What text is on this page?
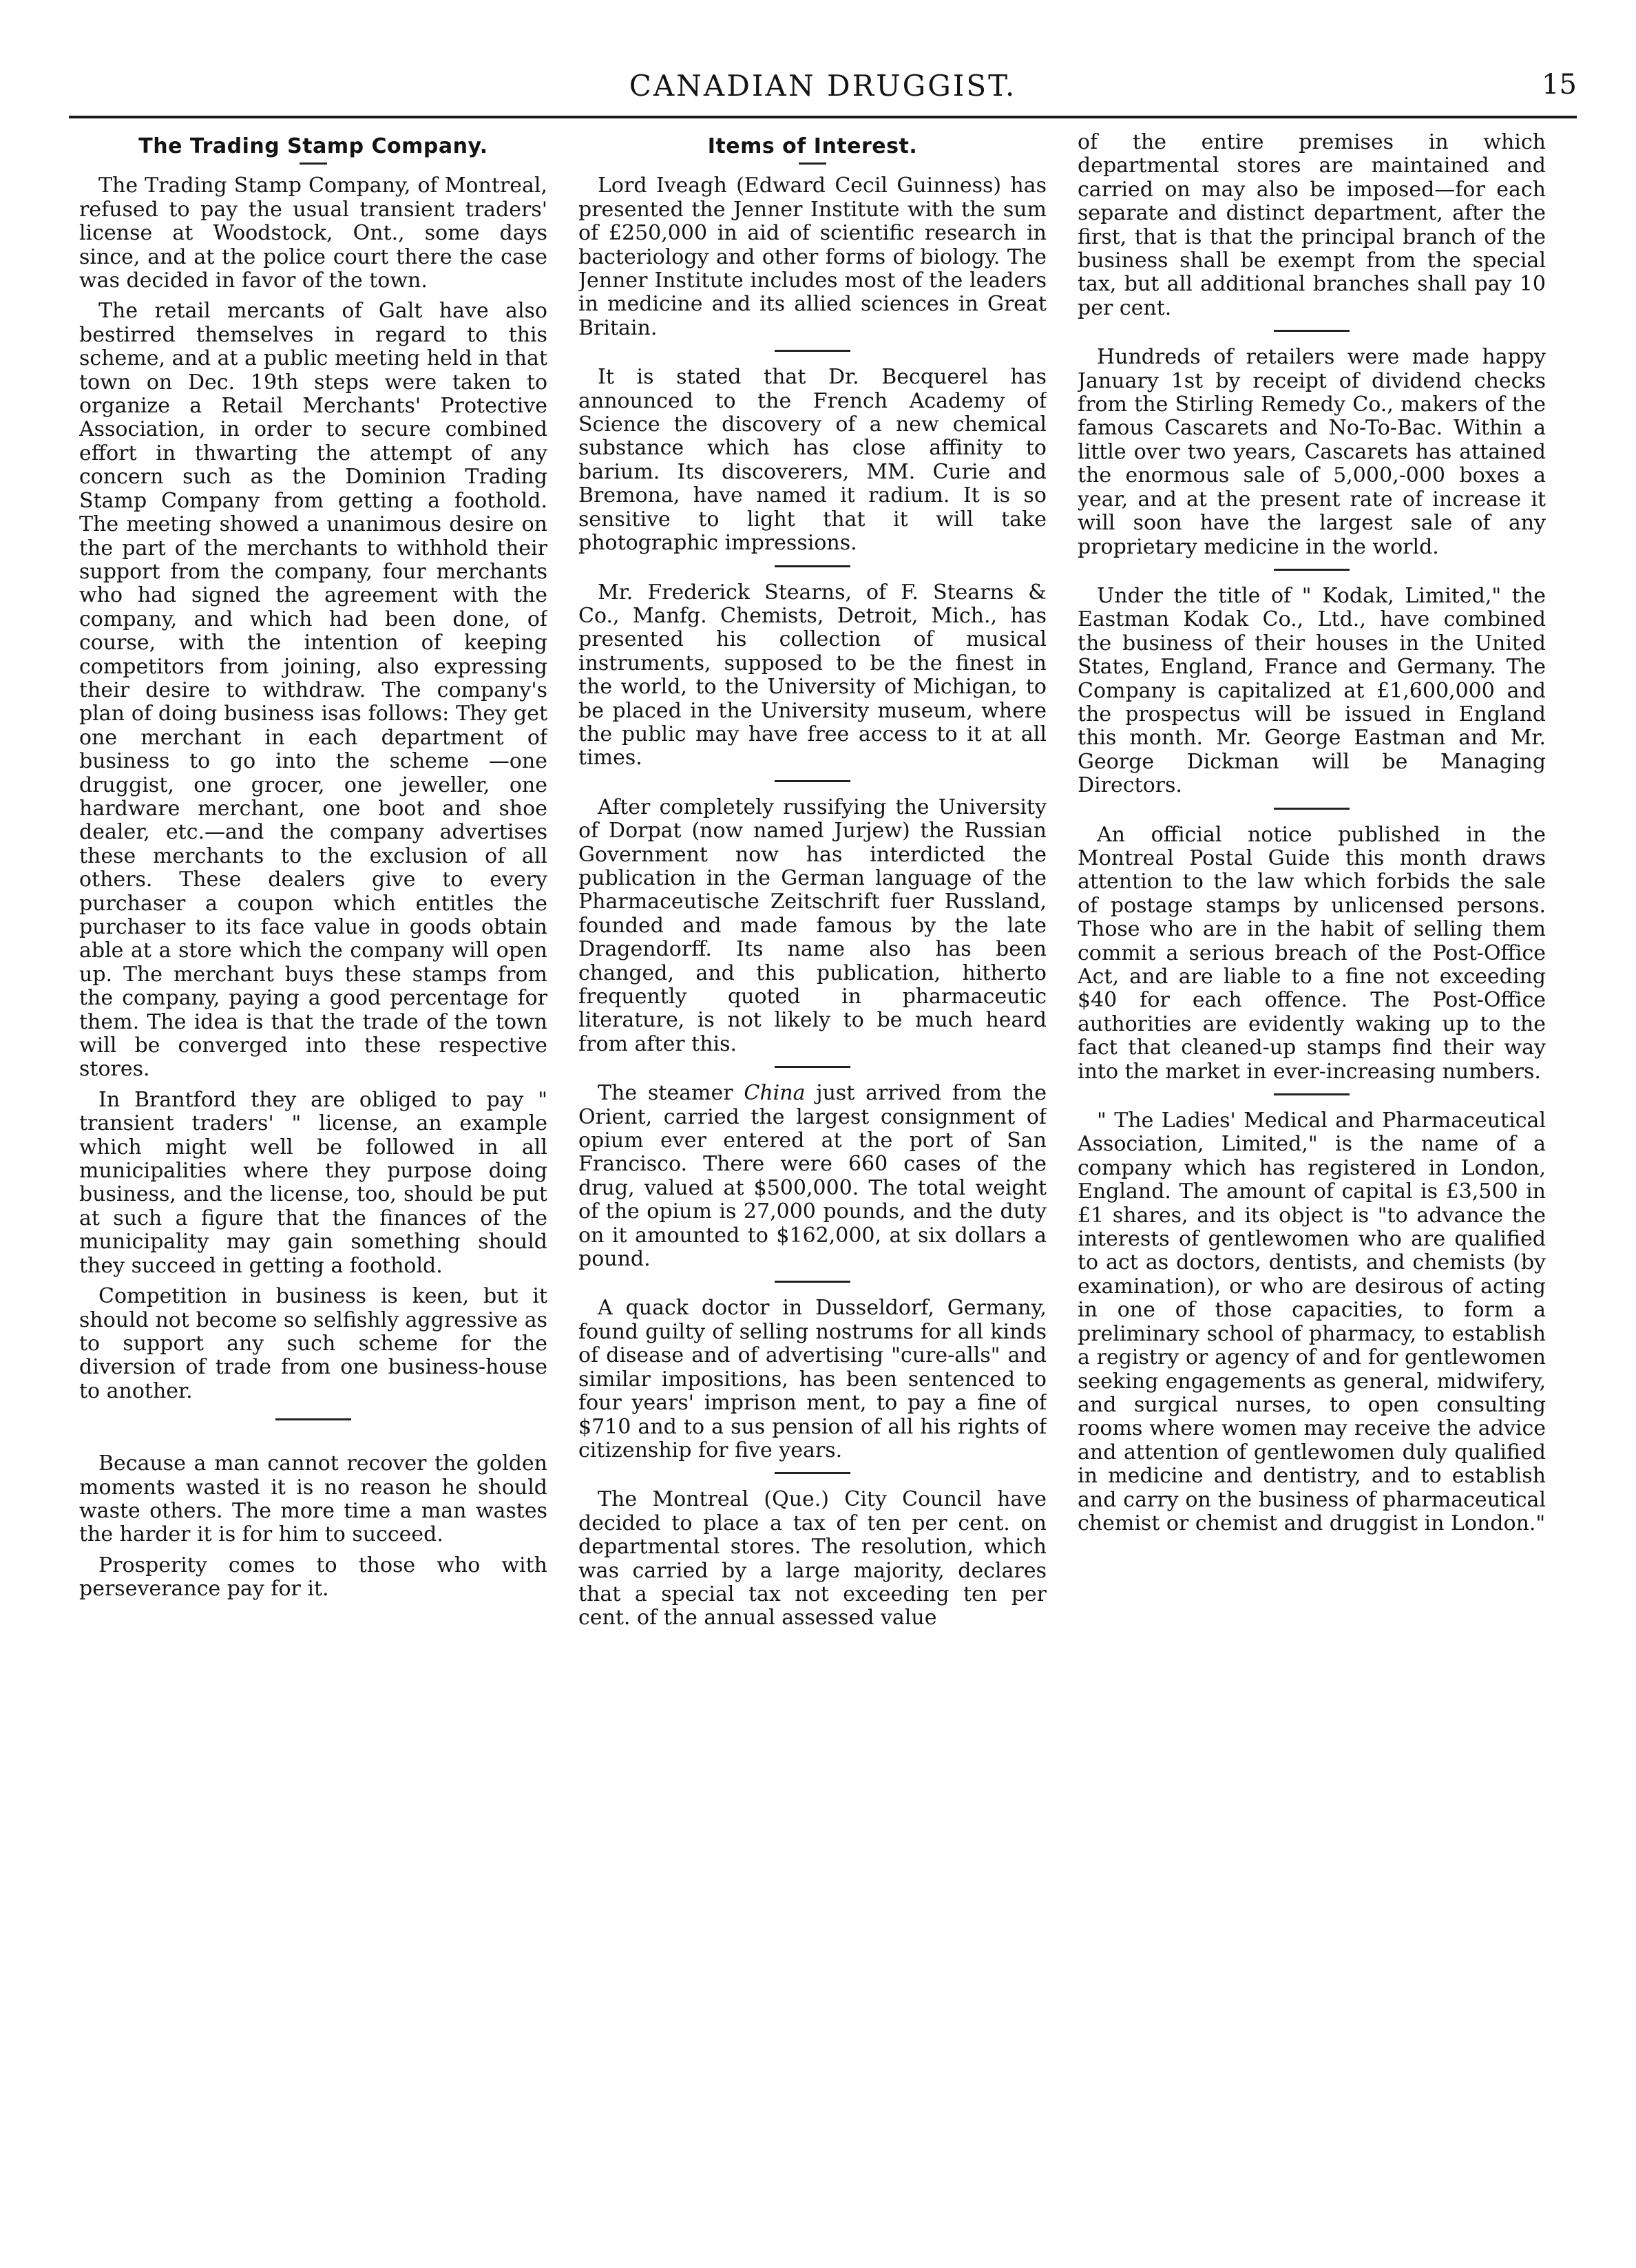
CANADIAN DRUGGIST.	15
The Trading Stamp Company.

The Trading Stamp Company, of Montreal, refused to pay the usual transient traders' license at Woodstock, Ont., some days since, and at the police court there the case was decided in favor of the town.

The retail mercants of Galt have also bestirred themselves in regard to this scheme, and at a public meeting held in that town on Dec. 19th steps were taken to organize a Retail Merchants' Protective Association, in order to secure combined effort in thwarting the attempt of any concern such as the Dominion Trading Stamp Company from getting a foothold. The meeting showed a unanimous desire on the part of the merchants to withhold their support from the company, four merchants who had signed the agreement with the company, and which had been done, of course, with the intention of keeping competitors from joining, also expressing their desire to withdraw. The company's plan of doing business isas follows: They get one merchant in each department of business to go into the scheme —one druggist, one grocer, one jeweller, one hardware merchant, one boot and shoe dealer, etc.—and the company advertises these merchants to the exclusion of all others. These dealers give to every purchaser a coupon which entitles the purchaser to its face value in goods obtain able at a store which the company will open up. The merchant buys these stamps from the company, paying a good percentage for them. The idea is that the trade of the town will be converged into these respective stores.

In Brantford they are obliged to pay " transient traders' " license, an example which might well be followed in all municipalities where they purpose doing business, and the license, too, should be put at such a figure that the finances of the municipality may gain something should they succeed in getting a foothold.

Competition in business is keen, but it should not become so selfishly aggressive as to support any such scheme for the diversion of trade from one business-house to another.

Because a man cannot recover the golden moments wasted it is no reason he should waste others. The more time a man wastes the harder it is for him to succeed.

Prosperity comes to those who with perseverance pay for it.

Items of Interest.

Lord Iveagh (Edward Cecil Guinness) has presented the Jenner Institute with the sum of £250,000 in aid of scientific research in bacteriology and other forms of biology. The Jenner Institute includes most of the leaders in medicine and its allied sciences in Great Britain.

It is stated that Dr. Becquerel has announced to the French Academy of Science the discovery of a new chemical substance which has close affinity to barium. Its discoverers, MM. Curie and Bremona, have named it radium. It is so sensitive to light that it will take photographic impressions.

Mr. Frederick Stearns, of F. Stearns & Co., Manfg. Chemists, Detroit, Mich., has presented his collection of musical instruments, supposed to be the finest in the world, to the University of Michigan, to be placed in the University museum, where the public may have free access to it at all times.

After completely russifying the University of Dorpat (now named Jurjew) the Russian Government now has interdicted the publication in the German language of the Pharmaceutische Zeitschrift fuer Russland, founded and made famous by the late Dragendorff. Its name also has been changed, and this publication, hitherto frequently quoted in pharmaceutic literature, is not likely to be much heard from after this.

The steamer China just arrived from the Orient, carried the largest consignment of opium ever entered at the port of San Francisco. There were 660 cases of the drug, valued at $500,000. The total weight of the opium is 27,000 pounds, and the duty on it amounted to $162,000, at six dollars a pound.

A quack doctor in Dusseldorf, Germany, found guilty of selling nostrums for all kinds of disease and of advertising "cure-alls" and similar impositions, has been sentenced to four years' imprison ment, to pay a fine of $710 and to a sus pension of all his rights of citizenship for five years.

The Montreal (Que.) City Council have decided to place a tax of ten per cent. on departmental stores. The resolution, which was carried by a large majority, declares that a special tax not exceeding ten per cent. of the annual assessed value

of the entire premises in which departmental stores are maintained and carried on may also be imposed—for each separate and distinct department, after the first, that is that the principal branch of the business shall be exempt from the special tax, but all additional branches shall pay 10 per cent.

Hundreds of retailers were made happy January 1st by receipt of dividend checks from the Stirling Remedy Co., makers of the famous Cascarets and No-To-Bac. Within a little over two years, Cascarets has attained the enormous sale of 5,000,-000 boxes a year, and at the present rate of increase it will soon have the largest sale of any proprietary medicine in the world.

Under the title of " Kodak, Limited," the Eastman Kodak Co., Ltd., have combined the business of their houses in the United States, England, France and Germany. The Company is capitalized at £1,600,000 and the prospectus will be issued in England this month. Mr. George Eastman and Mr. George Dickman will be Managing Directors.

An official notice published in the Montreal Postal Guide this month draws attention to the law which forbids the sale of postage stamps by unlicensed persons. Those who are in the habit of selling them commit a serious breach of the Post-Office Act, and are liable to a fine not exceeding $40 for each offence. The Post-Office authorities are evidently waking up to the fact that cleaned-up stamps find their way into the market in ever-increasing numbers.

" The Ladies' Medical and Pharmaceutical Association, Limited," is the name of a company which has registered in London, England. The amount of capital is £3,500 in £1 shares, and its object is "to advance the interests of gentlewomen who are qualified to act as doctors, dentists, and chemists (by examination), or who are desirous of acting in one of those capacities, to form a preliminary school of pharmacy, to establish a registry or agency of and for gentlewomen seeking engagements as general, midwifery, and surgical nurses, to open consulting rooms where women may receive the advice and attention of gentlewomen duly qualified in medicine and dentistry, and to establish and carry on the business of pharmaceutical chemist or chemist and druggist in London."
